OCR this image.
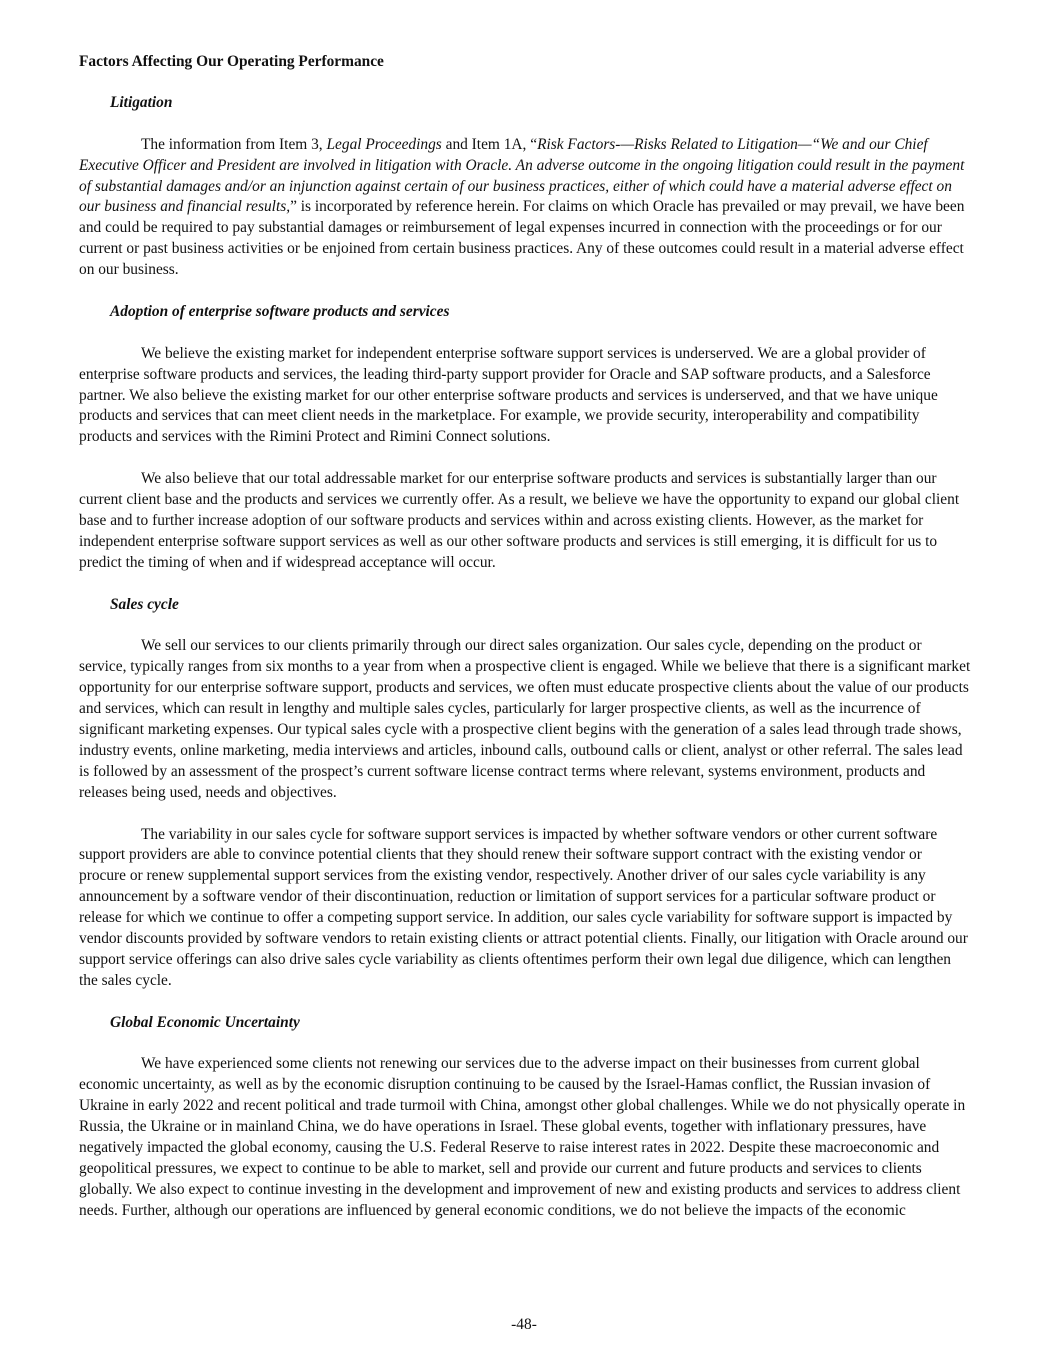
Factors Affecting Our Operating Performance
Litigation

The information from Item 3, Legal Proceedings and Item 1A, “Risk Factors-—Risks Related to Litigation—“We and our Chief Executive Officer and President are involved in litigation with Oracle. An adverse outcome in the ongoing litigation could result in the payment of substantial damages and/or an injunction against certain of our business practices, either of which could have a material adverse effect on our business and financial results,” is incorporated by reference herein. For claims on which Oracle has prevailed or may prevail, we have been and could be required to pay substantial damages or reimbursement of legal expenses incurred in connection with the proceedings or for our current or past business activities or be enjoined from certain business practices. Any of these outcomes could result in a material adverse effect on our business.

Adoption of enterprise software products and services

We believe the existing market for independent enterprise software support services is underserved. We are a global provider of enterprise software products and services, the leading third-party support provider for Oracle and SAP software products, and a Salesforce partner. We also believe the existing market for our other enterprise software products and services is underserved, and that we have unique products and services that can meet client needs in the marketplace. For example, we provide security, interoperability and compatibility products and services with the Rimini Protect and Rimini Connect solutions.

We also believe that our total addressable market for our enterprise software products and services is substantially larger than our current client base and the products and services we currently offer. As a result, we believe we have the opportunity to expand our global client base and to further increase adoption of our software products and services within and across existing clients. However, as the market for independent enterprise software support services as well as our other software products and services is still emerging, it is difficult for us to predict the timing of when and if widespread acceptance will occur.

Sales cycle

We sell our services to our clients primarily through our direct sales organization. Our sales cycle, depending on the product or service, typically ranges from six months to a year from when a prospective client is engaged. While we believe that there is a significant market opportunity for our enterprise software support, products and services, we often must educate prospective clients about the value of our products and services, which can result in lengthy and multiple sales cycles, particularly for larger prospective clients, as well as the incurrence of significant marketing expenses. Our typical sales cycle with a prospective client begins with the generation of a sales lead through trade shows, industry events, online marketing, media interviews and articles, inbound calls, outbound calls or client, analyst or other referral. The sales lead is followed by an assessment of the prospect’s current software license contract terms where relevant, systems environment, products and releases being used, needs and objectives.

The variability in our sales cycle for software support services is impacted by whether software vendors or other current software support providers are able to convince potential clients that they should renew their software support contract with the existing vendor or procure or renew supplemental support services from the existing vendor, respectively. Another driver of our sales cycle variability is any announcement by a software vendor of their discontinuation, reduction or limitation of support services for a particular software product or release for which we continue to offer a competing support service. In addition, our sales cycle variability for software support is impacted by vendor discounts provided by software vendors to retain existing clients or attract potential clients. Finally, our litigation with Oracle around our support service offerings can also drive sales cycle variability as clients oftentimes perform their own legal due diligence, which can lengthen the sales cycle.

Global Economic Uncertainty

We have experienced some clients not renewing our services due to the adverse impact on their businesses from current global economic uncertainty, as well as by the economic disruption continuing to be caused by the Israel-Hamas conflict, the Russian invasion of Ukraine in early 2022 and recent political and trade turmoil with China, amongst other global challenges. While we do not physically operate in Russia, the Ukraine or in mainland China, we do have operations in Israel. These global events, together with inflationary pressures, have negatively impacted the global economy, causing the U.S. Federal Reserve to raise interest rates in 2022. Despite these macroeconomic and geopolitical pressures, we expect to continue to be able to market, sell and provide our current and future products and services to clients globally. We also expect to continue investing in the development and improvement of new and existing products and services to address client needs. Further, although our operations are influenced by general economic conditions, we do not believe the impacts of the economic

-48-
